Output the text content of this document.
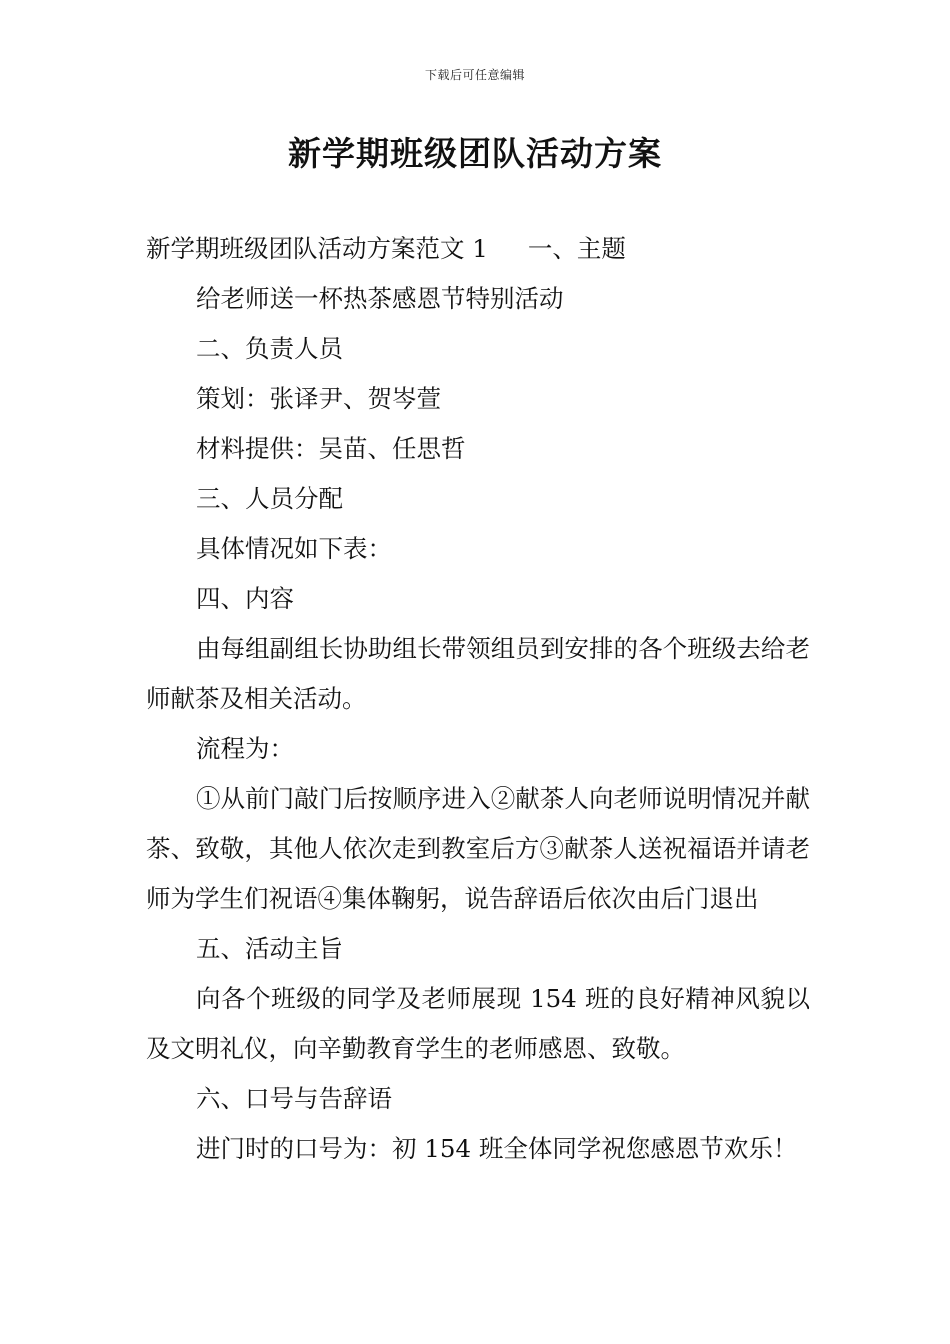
下载后可任意编辑
新学期班级团队活动方案

新学期班级团队活动方案范文 1 一、主题

给老师送一杯热茶感恩节特别活动

二、负责人员

策划：张译尹、贺岑萱

材料提供：吴苗、任思哲

三、人员分配

具体情况如下表：

四、内容

由每组副组长协助组长带领组员到安排的各个班级去给老师献茶及相关活动。

流程为：

①从前门敲门后按顺序进入②献茶人向老师说明情况并献茶、致敬，其他人依次走到教室后方③献茶人送祝福语并请老师为学生们祝语④集体鞠躬，说告辞语后依次由后门退出

五、活动主旨

向各个班级的同学及老师展现 154 班的良好精神风貌以及文明礼仪，向辛勤教育学生的老师感恩、致敬。

六、口号与告辞语

进门时的口号为：初 154 班全体同学祝您感恩节欢乐！
